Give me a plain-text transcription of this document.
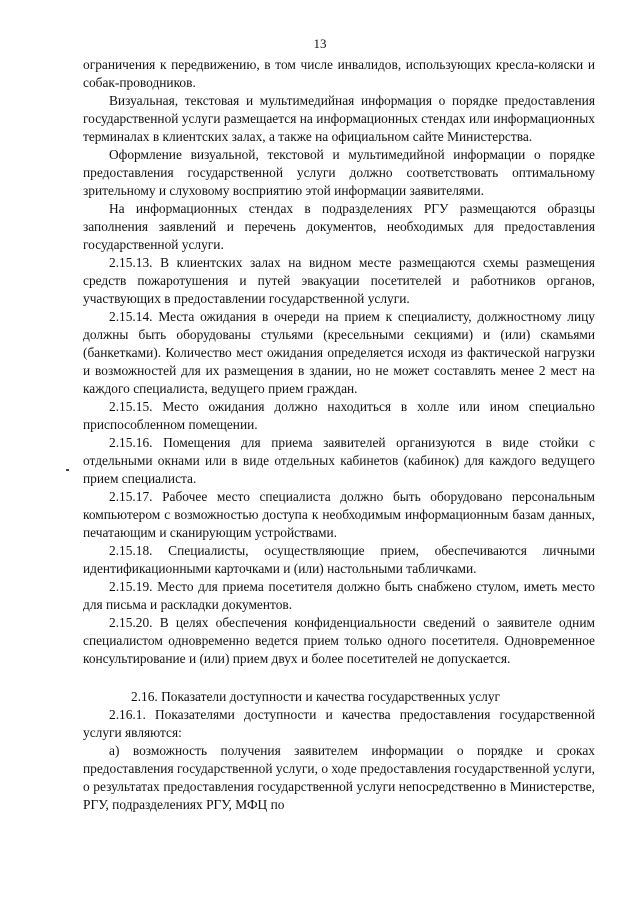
13

ограничения к передвижению, в том числе инвалидов, использующих кресла-коляски и собак-проводников.

Визуальная, текстовая и мультимедийная информация о порядке предоставления государственной услуги размещается на информационных стендах или информационных терминалах в клиентских залах, а также на официальном сайте Министерства.

Оформление визуальной, текстовой и мультимедийной информации о порядке предоставления государственной услуги должно соответствовать оптимальному зрительному и слуховому восприятию этой информации заявителями.

На информационных стендах в подразделениях РГУ размещаются образцы заполнения заявлений и перечень документов, необходимых для предоставления государственной услуги.

2.15.13. В клиентских залах на видном месте размещаются схемы размещения средств пожаротушения и путей эвакуации посетителей и работников органов, участвующих в предоставлении государственной услуги.

2.15.14. Места ожидания в очереди на прием к специалисту, должностному лицу должны быть оборудованы стульями (кресельными секциями) и (или) скамьями (банкетками). Количество мест ожидания определяется исходя из фактической нагрузки и возможностей для их размещения в здании, но не может составлять менее 2 мест на каждого специалиста, ведущего прием граждан.

2.15.15. Место ожидания должно находиться в холле или ином специально приспособленном помещении.

2.15.16. Помещения для приема заявителей организуются в виде стойки с отдельными окнами или в виде отдельных кабинетов (кабинок) для каждого ведущего прием специалиста.

2.15.17. Рабочее место специалиста должно быть оборудовано персональным компьютером с возможностью доступа к необходимым информационным базам данных, печатающим и сканирующим устройствами.

2.15.18. Специалисты, осуществляющие прием, обеспечиваются личными идентификационными карточками и (или) настольными табличками.

2.15.19. Место для приема посетителя должно быть снабжено стулом, иметь место для письма и раскладки документов.

2.15.20. В целях обеспечения конфиденциальности сведений о заявителе одним специалистом одновременно ведется прием только одного посетителя. Одновременное консультирование и (или) прием двух и более посетителей не допускается.

2.16. Показатели доступности и качества государственных услуг

2.16.1. Показателями доступности и качества предоставления государственной услуги являются:

а) возможность получения заявителем информации о порядке и сроках предоставления государственной услуги, о ходе предоставления государственной услуги, о результатах предоставления государственной услуги непосредственно в Министерстве, РГУ, подразделениях РГУ, МФЦ по
